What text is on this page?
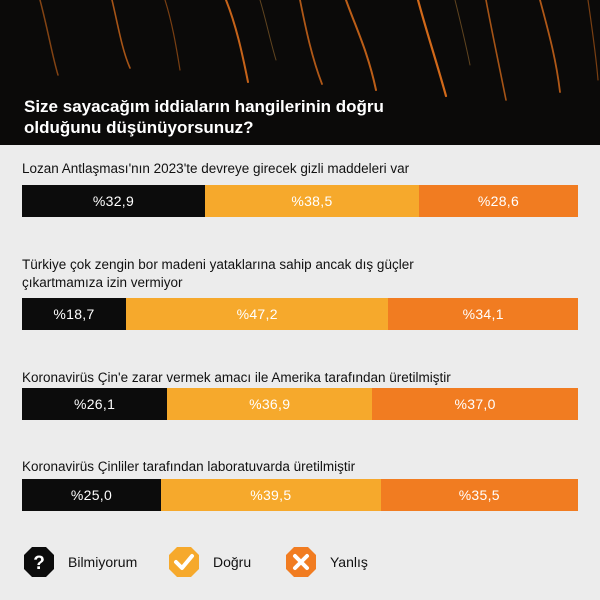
Size sayacağım iddiaların hangilerinin doğru
olduğunu düşünüyorsunuz?
Lozan Antlaşması'nın 2023'te devreye girecek gizli maddeleri var
%32,9	%38,5	%28,6
Türkiye çok zengin bor madeni yataklarına sahip ancak dış güçler çıkartmamıza izin vermiyor
%18,7	%47,2	%34,1
Koronavirüs Çin'e zarar vermek amacı ile Amerika tarafından üretilmiştir
%26,1	%36,9	%37,0
Koronavirüs Çinliler tarafından laboratuvarda üretilmiştir
%25,0	%39,5	%35,5
? Bilmiyorum	Doğru	Yanlış
